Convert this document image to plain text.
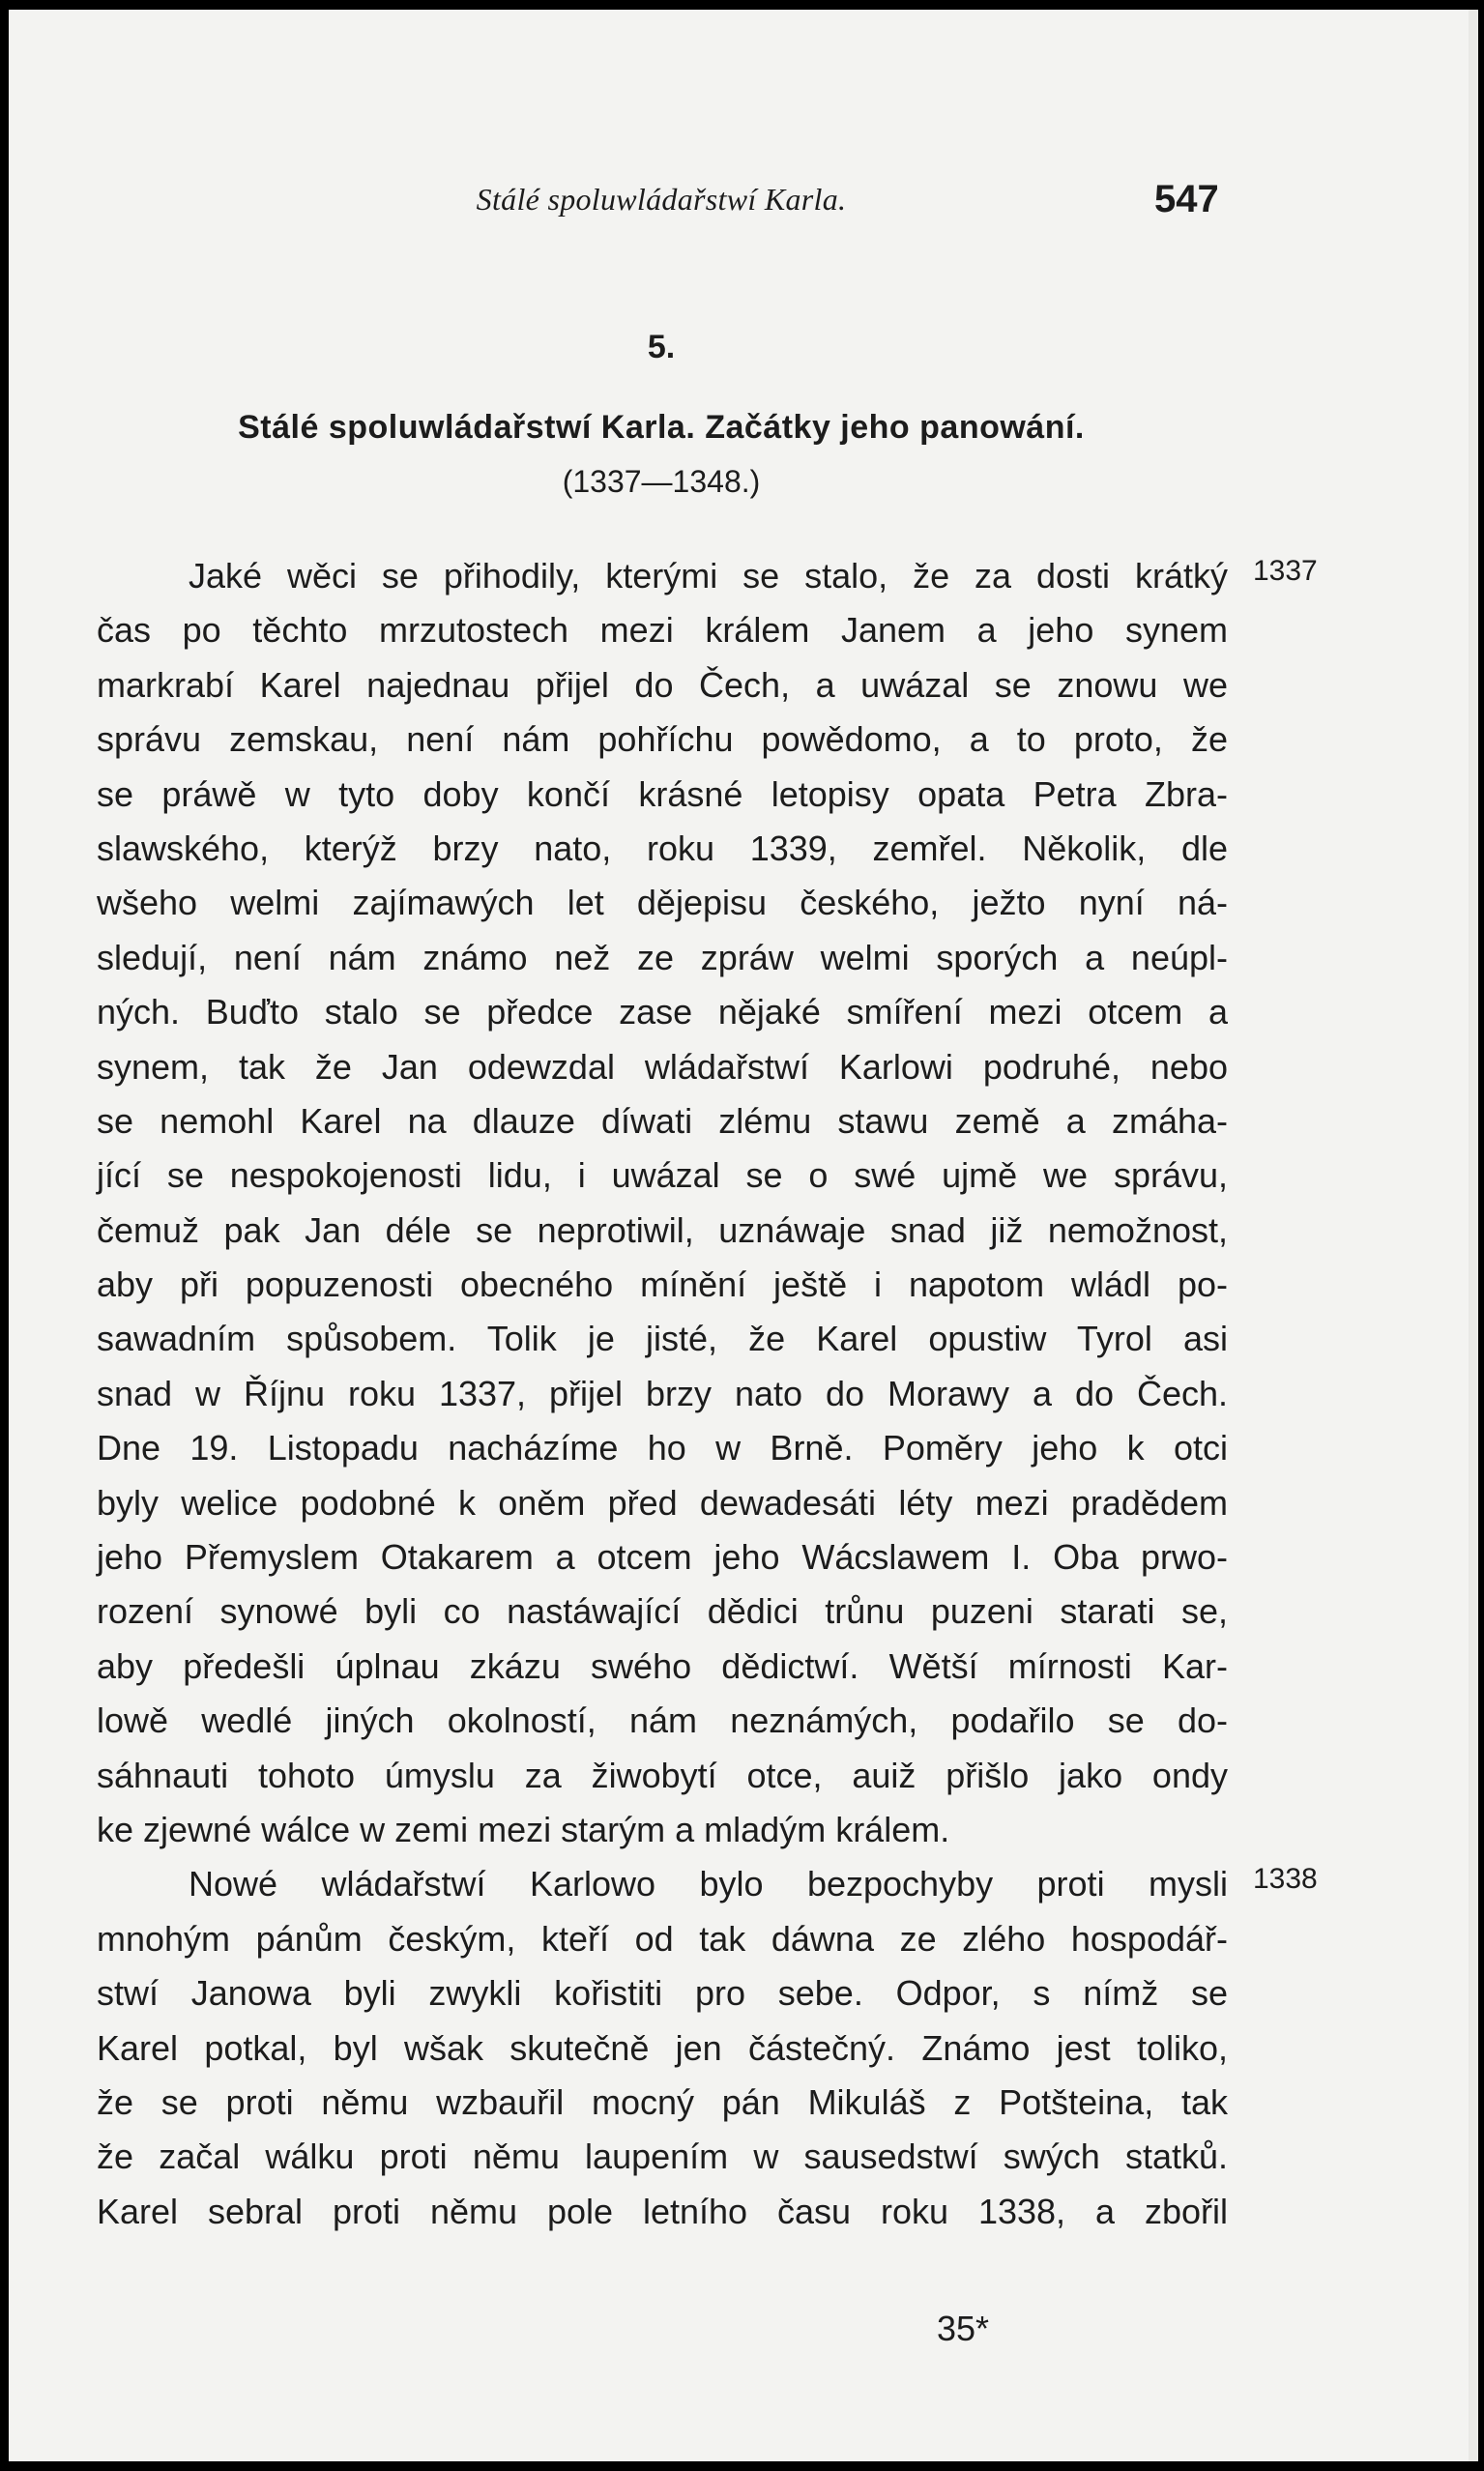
Stálé spoluwládařstwí Karla.	547
5.
Stálé spoluwládařstwí Karla. Začátky jeho panowání.
(1337—1348.)
Jaké wěci se přihodily, kterými se stalo, že za dosti krátký
čas po těchto mrzutostech mezi králem Janem a jeho synem
markrabí Karel najednau přijel do Čech, a uwázal se znowu we
správu zemskau, není nám pohříchu powědomo, a to proto, že
se práwě w tyto doby končí krásné letopisy opata Petra Zbra-
slawského, kterýž brzy nato, roku 1339, zemřel. Několik, dle
wšeho welmi zajímawých let dějepisu českého, ježto nyní ná-
sledují, není nám známo než ze zpráw welmi sporých a neúpl-
ných. Buďto stalo se předce zase nějaké smíření mezi otcem a
synem, tak že Jan odewzdal wládařstwí Karlowi podruhé, nebo
se nemohl Karel na dlauze díwati zlému stawu země a zmáha-
jící se nespokojenosti lidu, i uwázal se o swé ujmě we správu,
čemuž pak Jan déle se neprotiwil, uznáwaje snad již nemožnost,
aby při popuzenosti obecného mínění ještě i napotom wládl po-
sawadním spůsobem. Tolik je jisté, že Karel opustiw Tyrol asi
snad w Říjnu roku 1337, přijel brzy nato do Morawy a do Čech.
Dne 19. Listopadu nacházíme ho w Brně. Poměry jeho k otci
byly welice podobné k oněm před dewadesáti léty mezi pradědem
jeho Přemyslem Otakarem a otcem jeho Wácslawem I. Oba prwo-
rození synowé byli co nastáwající dědici trůnu puzeni starati se,
aby předešli úplnau zkázu swého dědictwí. Wětší mírnosti Kar-
lowě wedlé jiných okolností, nám neznámých, podařilo se do-
sáhnauti tohoto úmyslu za žiwobytí otce, auiž přišlo jako ondy
ke zjewné wálce w zemi mezi starým a mladým králem.
Nowé wládařstwí Karlowo bylo bezpochyby proti mysli
mnohým pánům českým, kteří od tak dáwna ze zlého hospodář-
stwí Janowa byli zwykli kořistiti pro sebe. Odpor, s nímž se
Karel potkal, byl wšak skutečně jen částečný. Známo jest toliko,
že se proti němu wzbauřil mocný pán Mikuláš z Potšteina, tak
že začal wálku proti němu laupením w sausedstwí swých statků.
Karel sebral proti němu pole letního času roku 1338, a zbořil
1337
1338
35*
